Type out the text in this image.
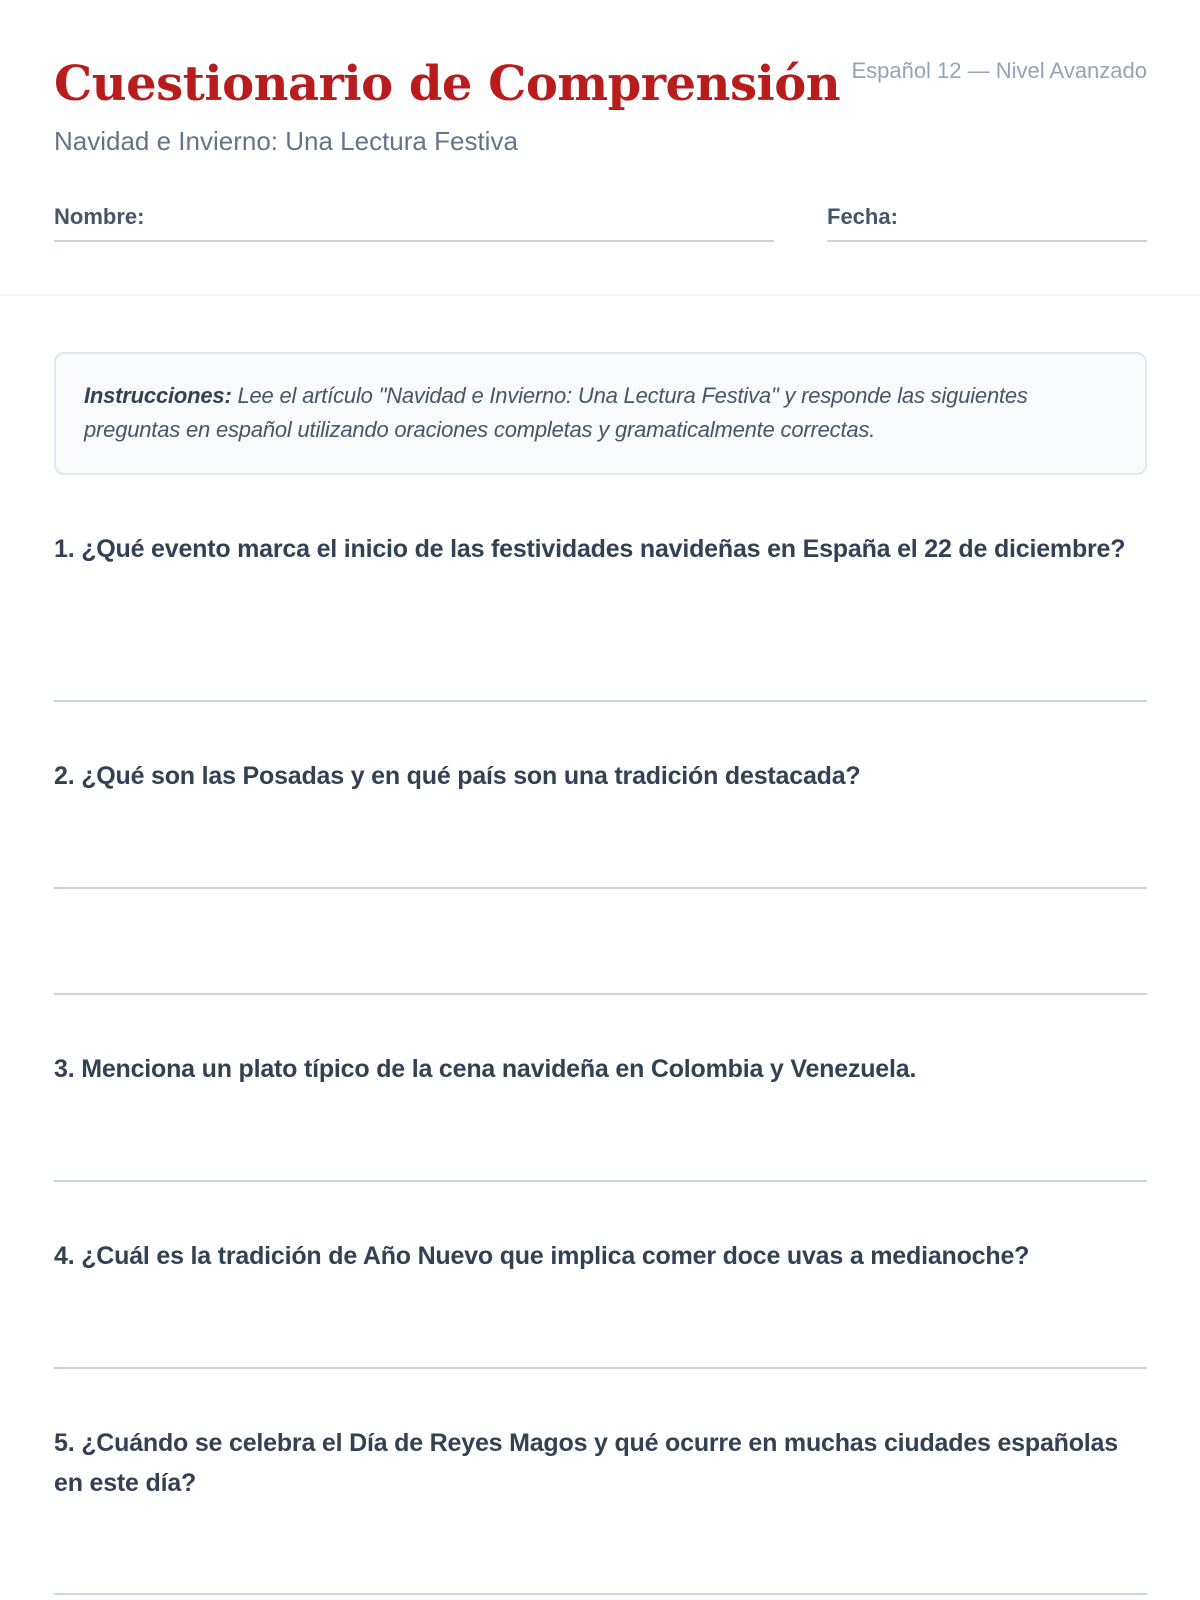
Cuestionario de Comprensión
Navidad e Invierno: Una Lectura Festiva
Español 12 — Nivel Avanzado
Nombre:	Fecha:
Instrucciones: Lee el artículo "Navidad e Invierno: Una Lectura Festiva" y responde las siguientes preguntas en español utilizando oraciones completas y gramaticalmente correctas.

1. ¿Qué evento marca el inicio de las festividades navideñas en España el 22 de diciembre?

2. ¿Qué son las Posadas y en qué país son una tradición destacada?

3. Menciona un plato típico de la cena navideña en Colombia y Venezuela.

4. ¿Cuál es la tradición de Año Nuevo que implica comer doce uvas a medianoche?

5. ¿Cuándo se celebra el Día de Reyes Magos y qué ocurre en muchas ciudades españolas en este día?
